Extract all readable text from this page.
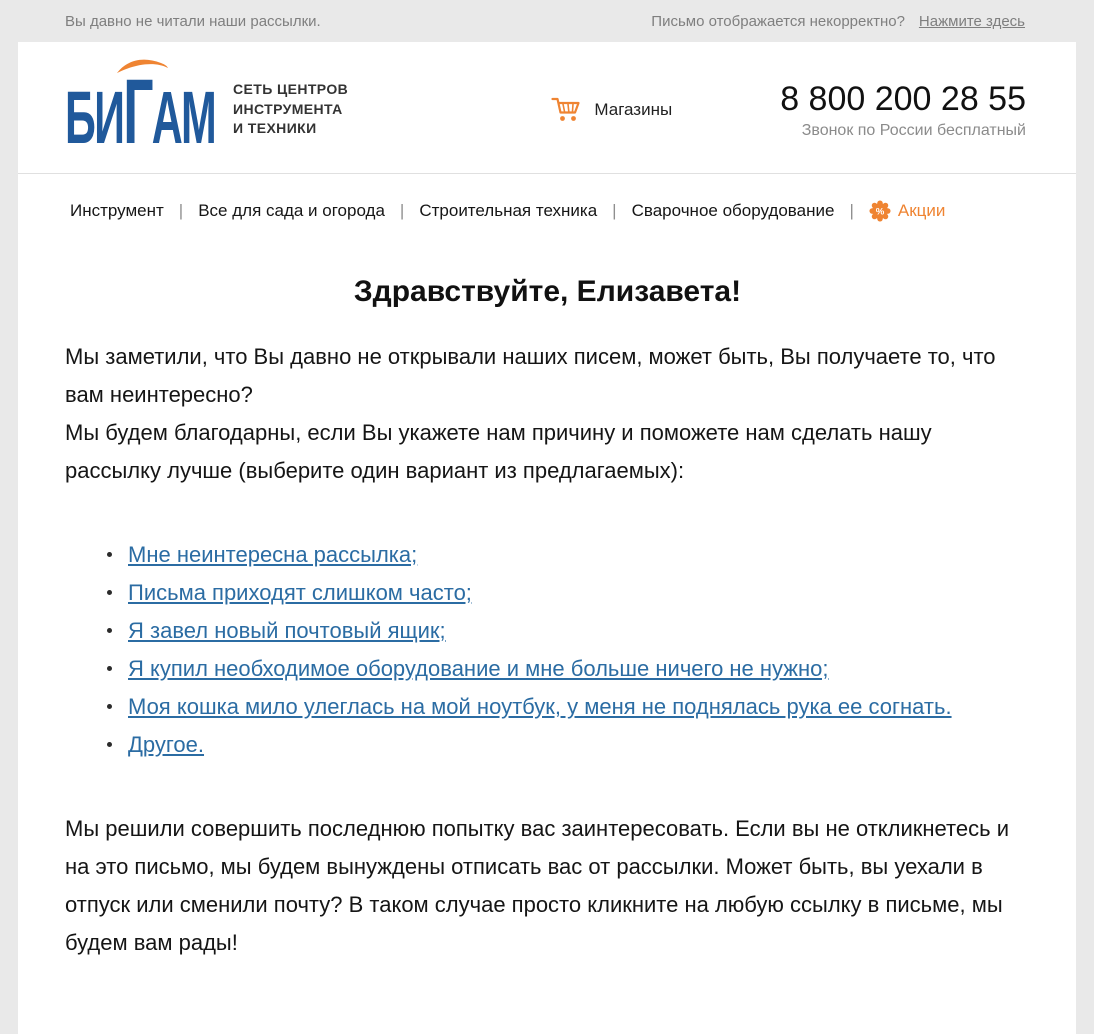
Вы давно не читали наши рассылки.	Письмо отображается некорректно? Нажмите здесь
БИ Г АМ СЕТЬ ЦЕНТРОВ
ИНСТРУМЕНТА
И ТЕХНИКИ
Магазины	8 800 200 28 55
Звонок по России бесплатный
Инструмент | Все для сада и огорода | Строительная техника | Сварочное оборудование | % Акции
Здравствуйте, Елизавета!

Мы заметили, что Вы давно не открывали наших писем, может быть, Вы получаете то, что вам неинтересно?

Мы будем благодарны, если Вы укажете нам причину и поможете нам сделать нашу рассылку лучше (выберите один вариант из предлагаемых):

Мне неинтересна рассылка;
Письма приходят слишком часто;
Я завел новый почтовый ящик;
Я купил необходимое оборудование и мне больше ничего не нужно;
Моя кошка мило улеглась на мой ноутбук, у меня не поднялась рука ее согнать.
Другое.

Мы решили совершить последнюю попытку вас заинтересовать. Если вы не откликнетесь и на это письмо, мы будем вынуждены отписать вас от рассылки. Может быть, вы уехали в отпуск или сменили почту? В таком случае просто кликните на любую ссылку в письме, мы будем вам рады!
